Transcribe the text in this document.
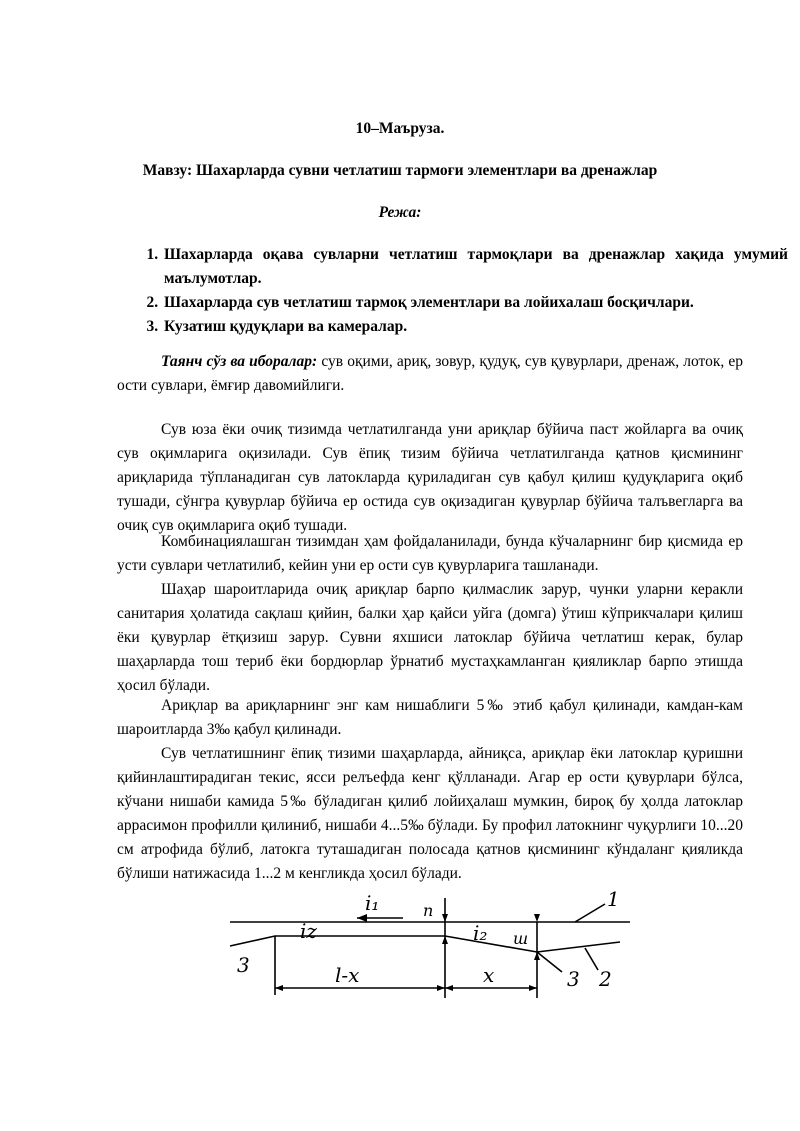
10–Маъруза.
Мавзу: Шахарларда сувни четлатиш тармоғи элементлари ва дренажлар
Режа:
1. Шахарларда оқава сувларни четлатиш тармоқлари ва дренажлар хақида умумий маълумотлар.
2. Шахарларда сув четлатиш тармоқ элементлари ва лойихалаш босқичлари.
3. Кузатиш қудуқлари ва камералар.

Таянч сўз ва иборалар: сув оқими, ариқ, зовур, қудуқ, сув қувурлари, дренаж, лоток, ер ости сувлари, ёмғир давомийлиги.

Сув юза ёки очиқ тизимда четлатилганда уни ариқлар бўйича паст жойларга ва очиқ сув оқимларига оқизилади. Сув ёпиқ тизим бўйича четлатилганда қатнов қисмининг ариқларида тўпланадиган сув латокларда қуриладиган сув қабул қилиш қудуқларига оқиб тушади, сўнгра қувурлар бўйича ер остида сув оқизадиган қувурлар бўйича талъвегларга ва очиқ сув оқимларига оқиб тушади.

Комбинациялашган тизимдан ҳам фойдаланилади, бунда кўчаларнинг бир қисмида ер усти сувлари четлатилиб, кейин уни ер ости сув қувурларига ташланади.

Шаҳар шароитларида очиқ ариқлар барпо қилмаслик зарур, чунки уларни керакли санитария ҳолатида сақлаш қийин, балки ҳар қайси уйга (домга) ўтиш кўприкчалари қилиш ёки қувурлар ётқизиш зарур. Сувни яхшиси латоклар бўйича четлатиш керак, булар шаҳарларда тош териб ёки бордюрлар ўрнатиб мустаҳкамланган қияликлар барпо этишда ҳосил бўлади.

Ариқлар ва ариқларнинг энг кам нишаблиги 5‰ этиб қабул қилинади, камдан-кам шароитларда 3‰ қабул қилинади.

Сув четлатишнинг ёпиқ тизими шаҳарларда, айниқса, ариқлар ёки латоклар қуришни қийинлаштирадиган текис, ясси релъефда кенг қўлланади. Агар ер ости қувурлари бўлса, кўчани нишаби камида 5‰ бўладиган қилиб лойиҳалаш мумкин, бироқ бу ҳолда латоклар аррасимон профилли қилиниб, нишаби 4...5‰ бўлади. Бу профил латокнинг чуқурлиги 10...20 см атрофида бўлиб, латокга туташадиган полосада қатнов қисмининг кўндаланг қияликда бўлиши натижасида 1...2 м кенгликда ҳосил бўлади.

i₁
iz	i₂
п
ш
l-x	x
1
2
3
3
